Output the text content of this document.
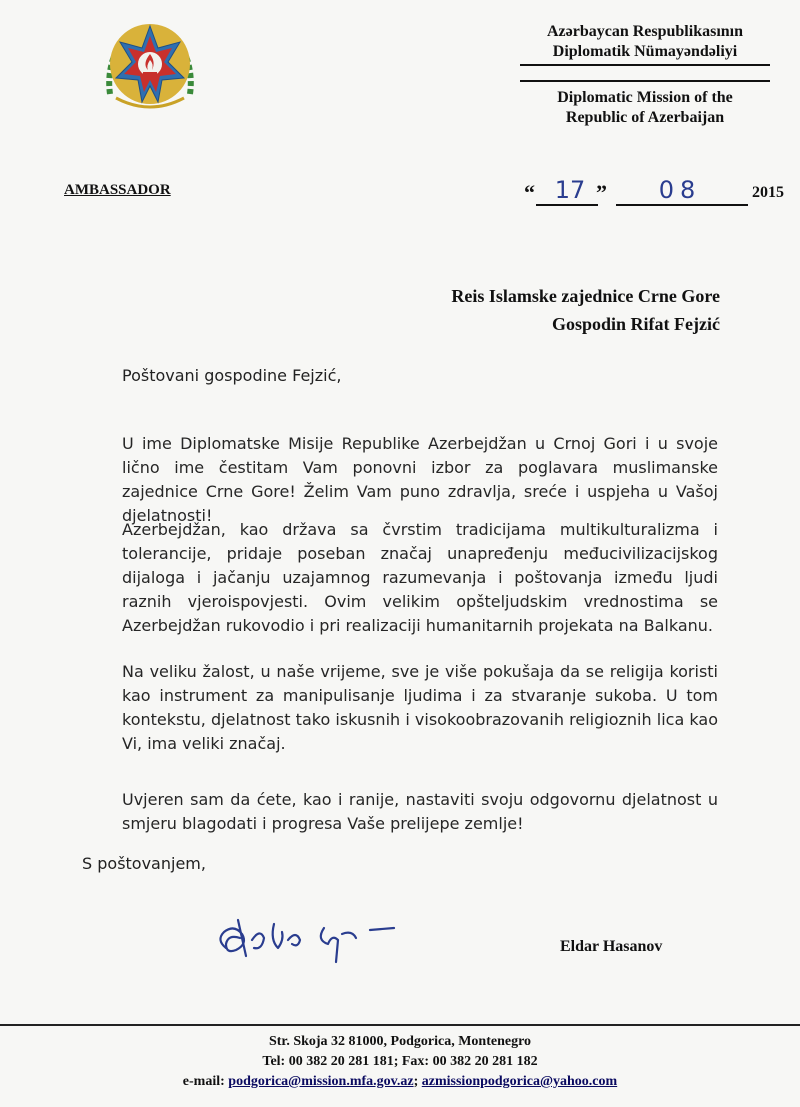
Azərbaycan Respublikasının
Diplomatik Nümayəndəliyi
Diplomatic Mission of the
Republic of Azerbaijan
AMBASSADOR	“ 17 ”	08	2015
Reis Islamske zajednice Crne Gore
Gospodin Rifat Fejzić
Poštovani gospodine Fejzić,
U ime Diplomatske Misije Republike Azerbejdžan u Crnoj Gori i u svoje lično ime čestitam Vam ponovni izbor za poglavara muslimanske zajednice Crne Gore! Želim Vam puno zdravlja, sreće i uspjeha u Vašoj djelatnosti!
Azerbejdžan, kao država sa čvrstim tradicijama multikulturalizma i tolerancije, pridaje poseban značaj unapređenju međucivilizacijskog dijaloga i jačanju uzajamnog razumevanja i poštovanja između ljudi raznih vjeroispovjesti. Ovim velikim opšteljudskim vrednostima se Azerbejdžan rukovodio i pri realizaciji humanitarnih projekata na Balkanu.
Na veliku žalost, u naše vrijeme, sve je više pokušaja da se religija koristi kao instrument za manipulisanje ljudima i za stvaranje sukoba. U tom kontekstu, djelatnost tako iskusnih i visokoobrazovanih religioznih lica kao Vi, ima veliki značaj.
Uvjeren sam da ćete, kao i ranije, nastaviti svoju odgovornu djelatnost u smjeru blagodati i progresa Vaše prelijepe zemlje!
S poštovanjem,
Eldar Hasanov
Str. Skoja 32 81000, Podgorica, Montenegro
Tel: 00 382 20 281 181; Fax: 00 382 20 281 182
e-mail: podgorica@mission.mfa.gov.az; azmissionpodgorica@yahoo.com
